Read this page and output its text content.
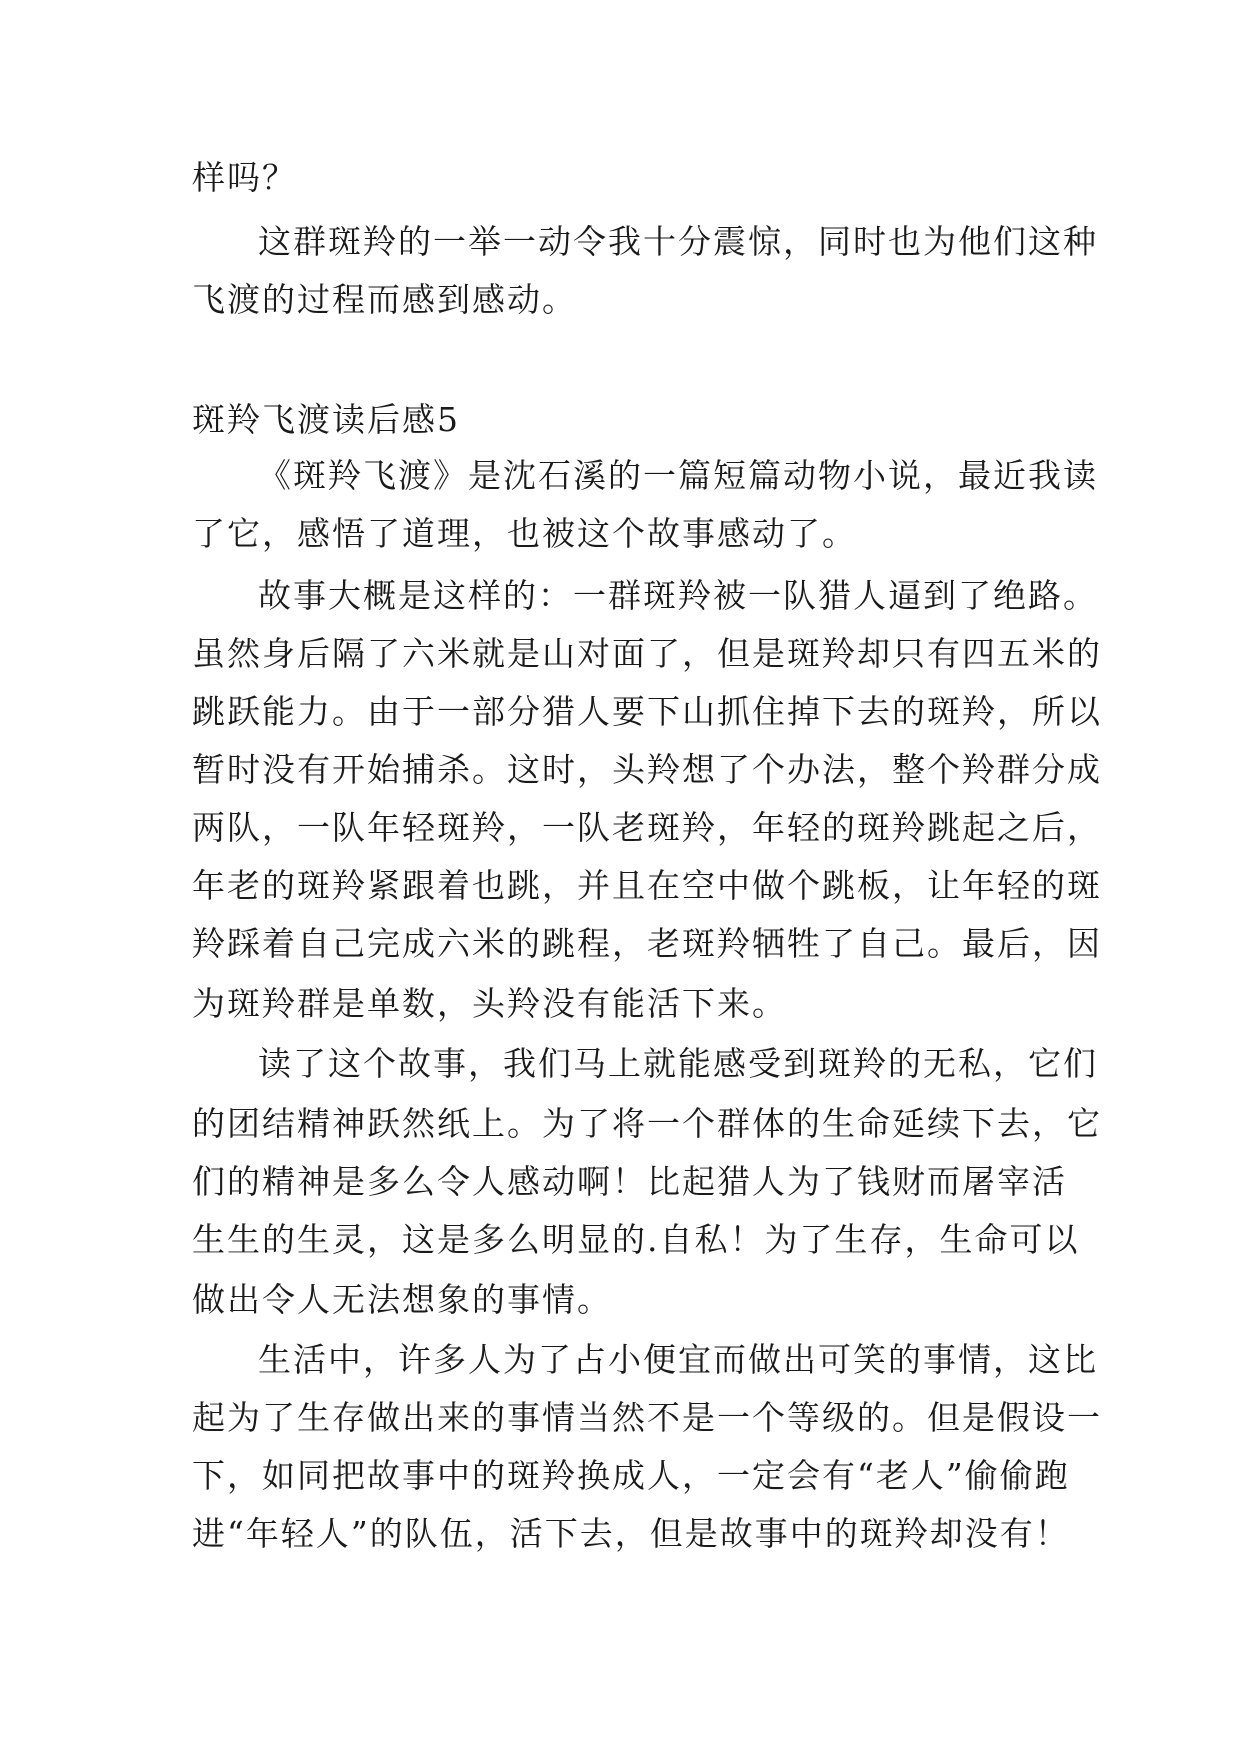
样吗？
这群斑羚的一举一动令我十分震惊，同时也为他们这种
飞渡的过程而感到感动。
斑羚飞渡读后感5
《斑羚飞渡》是沈石溪的一篇短篇动物小说，最近我读
了它，感悟了道理，也被这个故事感动了。
故事大概是这样的：一群斑羚被一队猎人逼到了绝路。
虽然身后隔了六米就是山对面了，但是斑羚却只有四五米的
跳跃能力。由于一部分猎人要下山抓住掉下去的斑羚，所以
暂时没有开始捕杀。这时，头羚想了个办法，整个羚群分成
两队，一队年轻斑羚，一队老斑羚，年轻的斑羚跳起之后，
年老的斑羚紧跟着也跳，并且在空中做个跳板，让年轻的斑
羚踩着自己完成六米的跳程，老斑羚牺牲了自己。最后，因
为斑羚群是单数，头羚没有能活下来。
读了这个故事，我们马上就能感受到斑羚的无私，它们
的团结精神跃然纸上。为了将一个群体的生命延续下去，它
们的精神是多么令人感动啊！比起猎人为了钱财而屠宰活
生生的生灵，这是多么明显的.自私！为了生存，生命可以
做出令人无法想象的事情。
生活中，许多人为了占小便宜而做出可笑的事情，这比
起为了生存做出来的事情当然不是一个等级的。但是假设一
下，如同把故事中的斑羚换成人，一定会有“老人”偷偷跑
进“年轻人”的队伍，活下去，但是故事中的斑羚却没有！
